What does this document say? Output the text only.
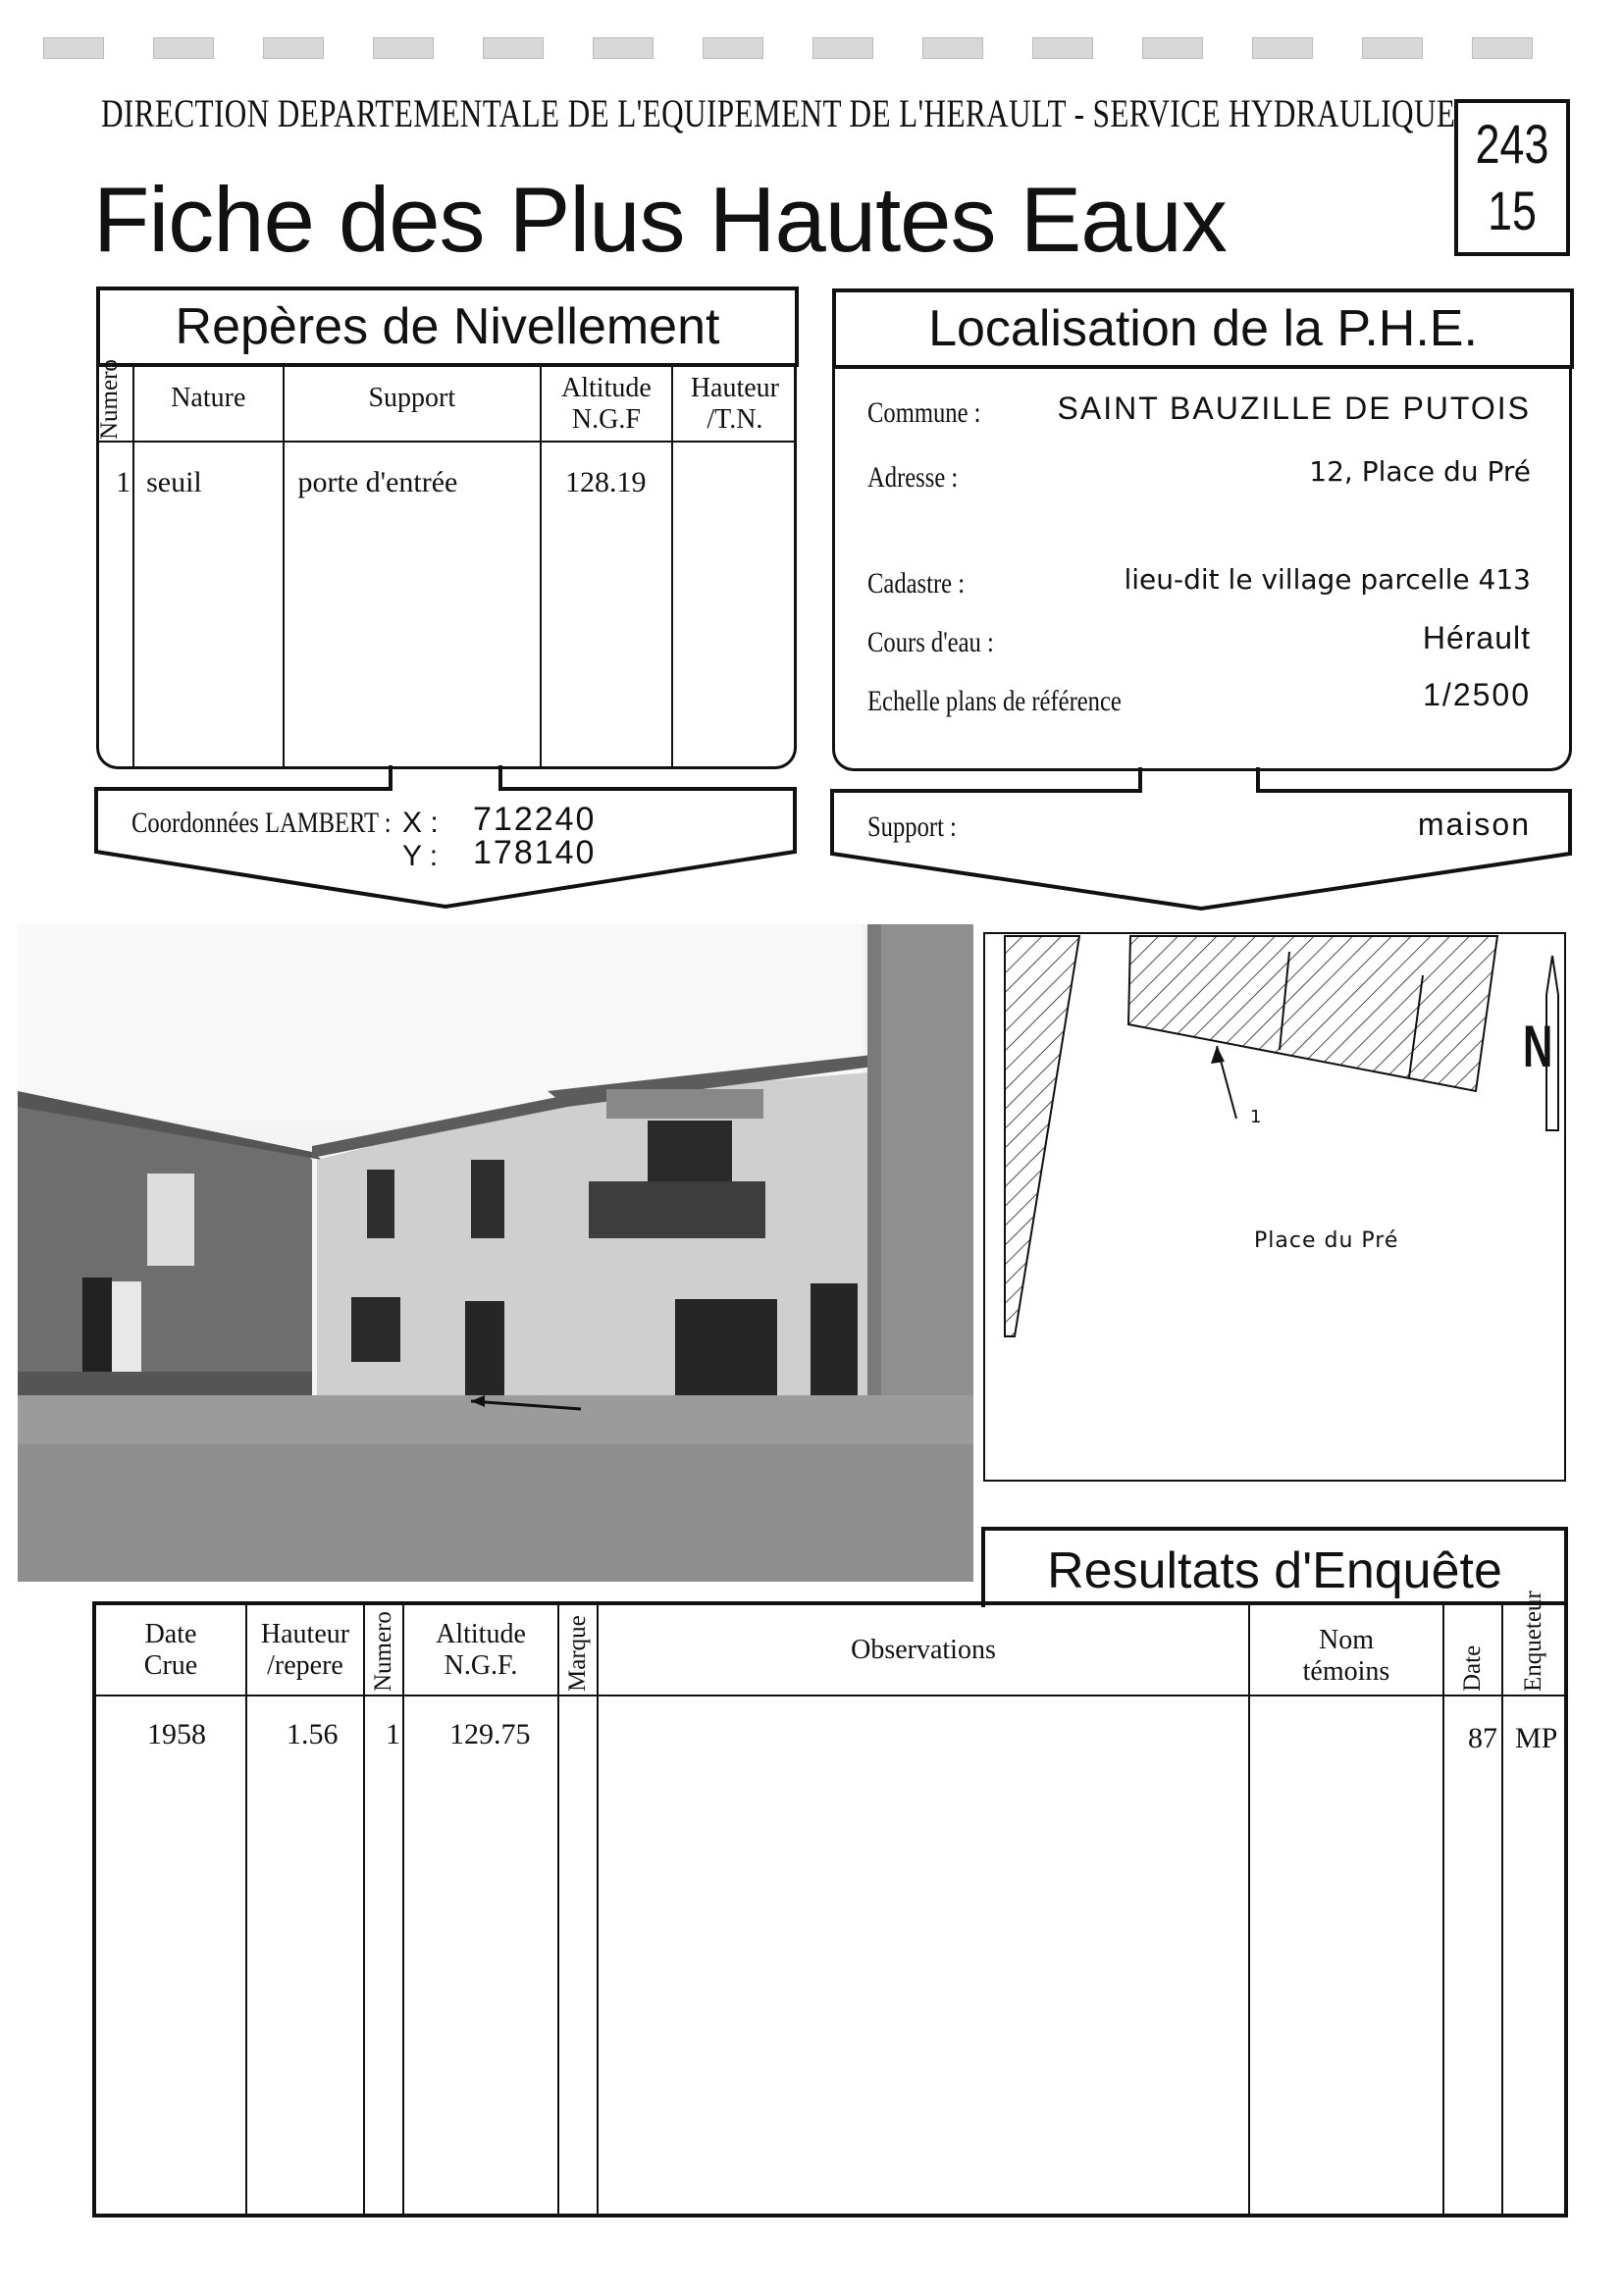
DIRECTION DEPARTEMENTALE DE L'EQUIPEMENT DE L'HERAULT - SERVICE HYDRAULIQUE
Fiche des Plus Hautes Eaux
243
15
Repères de Nivellement
Numero	Nature	Support	Altitude N.G.F	Hauteur /T.N.

1	seuil	porte d'entrée	128.19	

Coordonnées LAMBERT : X : 712240
Y : 178140
Localisation de la P.H.E.
Commune :	SAINT BAUZILLE DE PUTOIS
Adresse :	12, Place du Pré
Cadastre :	lieu-dit le village parcelle 413
Cours d'eau :	Hérault
Echelle plans de référence	1/2500
Support :	maison
Place du Pré
1
N
Resultats d'Enquête
Date Crue	Hauteur /repere	Numero	Altitude N.G.F.	Marque	Observations	Nom témoins	Date	Enqueteur

1958	1.56	1	129.75				87	MP
